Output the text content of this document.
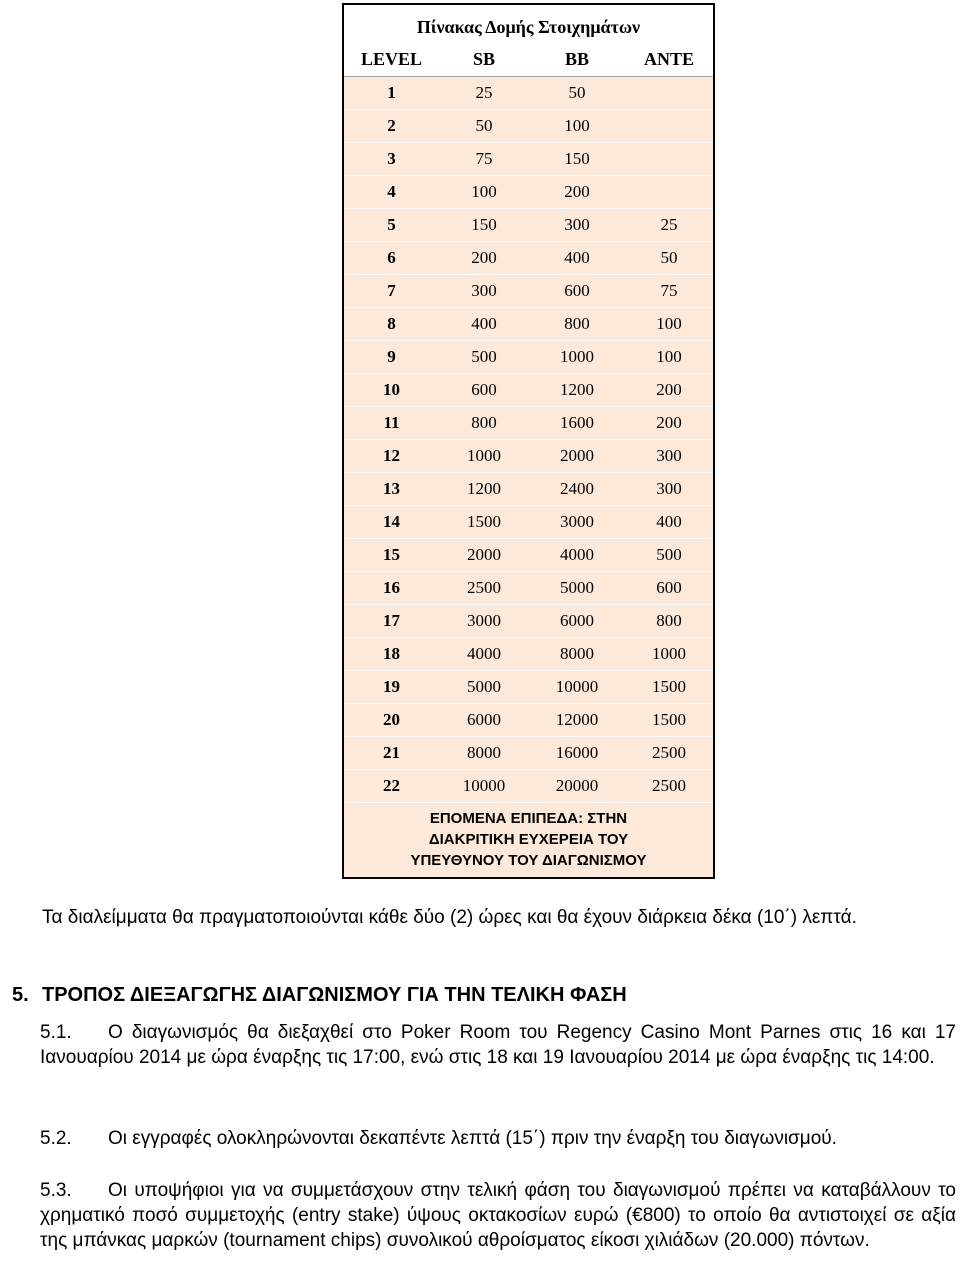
Πίνακας Δομής Στοιχημάτων
LEVEL	SB	BB	ANTE
1	25	50
2	50	100
3	75	150
4	100	200
5	150	300	25
6	200	400	50
7	300	600	75
8	400	800	100
9	500	1000	100
10	600	1200	200
11	800	1600	200
12	1000	2000	300
13	1200	2400	300
14	1500	3000	400
15	2000	4000	500
16	2500	5000	600
17	3000	6000	800
18	4000	8000	1000
19	5000	10000	1500
20	6000	12000	1500
21	8000	16000	2500
22	10000	20000	2500
ΕΠΟΜΕΝΑ ΕΠΙΠΕΔΑ: ΣΤΗΝ
ΔΙΑΚΡΙΤΙΚΗ ΕΥΧΕΡΕΙΑ ΤΟΥ
ΥΠΕΥΘΥΝΟΥ ΤΟΥ ΔΙΑΓΩΝΙΣΜΟΥ
Τα διαλείμματα θα πραγματοποιούνται κάθε δύο (2) ώρες και θα έχουν διάρκεια δέκα (10΄) λεπτά.
5. ΤΡΟΠΟΣ ΔΙΕΞΑΓΩΓΗΣ ΔΙΑΓΩΝΙΣΜΟΥ ΓΙΑ ΤΗΝ ΤΕΛΙΚΗ ΦΑΣΗ
5.1. Ο διαγωνισμός θα διεξαχθεί στο Poker Room του Regency Casino Mont Parnes στις 16 και 17 Ιανουαρίου 2014 με ώρα έναρξης τις 17:00, ενώ στις 18 και 19 Ιανουαρίου 2014 με ώρα έναρξης τις 14:00.
5.2. Οι εγγραφές ολοκληρώνονται δεκαπέντε λεπτά (15΄) πριν την έναρξη του διαγωνισμού.
5.3. Οι υποψήφιοι για να συμμετάσχουν στην τελική φάση του διαγωνισμού πρέπει να καταβάλλουν το χρηματικό ποσό συμμετοχής (entry stake) ύψους οκτακοσίων ευρώ (€800) το οποίο θα αντιστοιχεί σε αξία της μπάνκας μαρκών (tournament chips) συνολικού αθροίσματος είκοσι χιλιάδων (20.000) πόντων.
